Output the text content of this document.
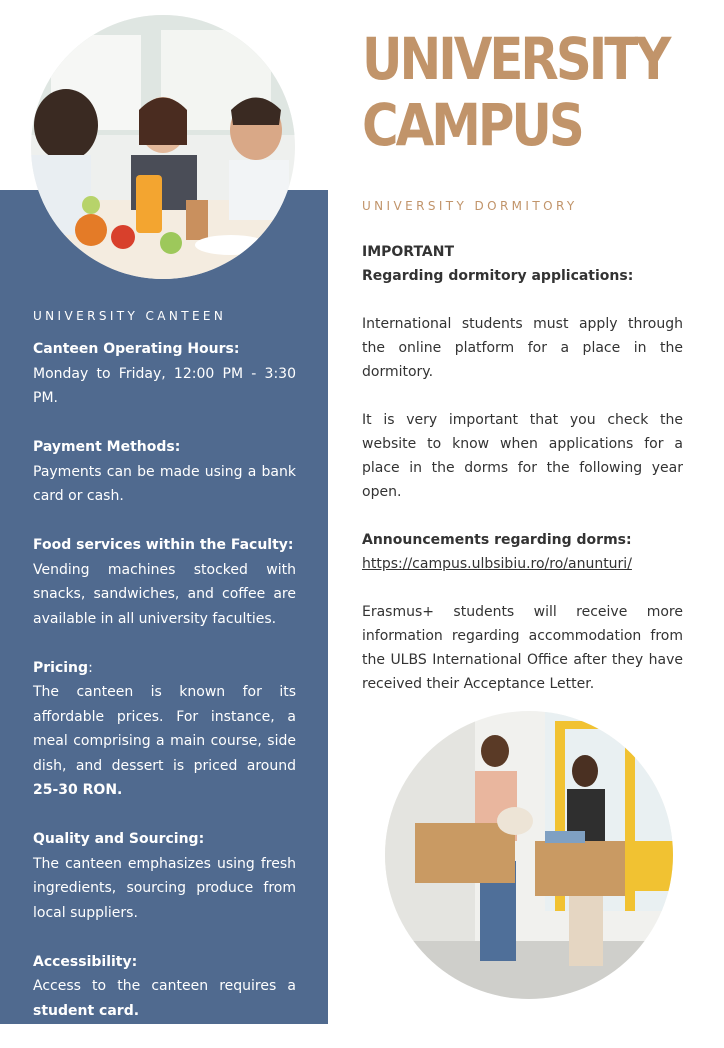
UNIVERSITY CAMPUS
UNIVERSITY DORMITORY

IMPORTANT

Regarding dormitory applications:

International students must apply through the online platform for a place in the dormitory.

It is very important that you check the website to know when applications for a place in the dorms for the following year open.

Announcements regarding dorms:

https://campus.ulbsibiu.ro/ro/anunturi/

Erasmus+ students will receive more information regarding accommodation from the ULBS International Office after they have received their Acceptance Letter.

UNIVERSITY CANTEEN

Canteen Operating Hours:

Monday to Friday, 12:00 PM - 3:30 PM.

Payment Methods:

Payments can be made using a bank card or cash.

Food services within the Faculty:

Vending machines stocked with snacks, sandwiches, and coffee are available in all university faculties.

Pricing:

The canteen is known for its affordable prices. For instance, a meal comprising a main course, side dish, and dessert is priced around 25-30 RON.

Quality and Sourcing:

The canteen emphasizes using fresh ingredients, sourcing produce from local suppliers.

Accessibility:

Access to the canteen requires a student card.
